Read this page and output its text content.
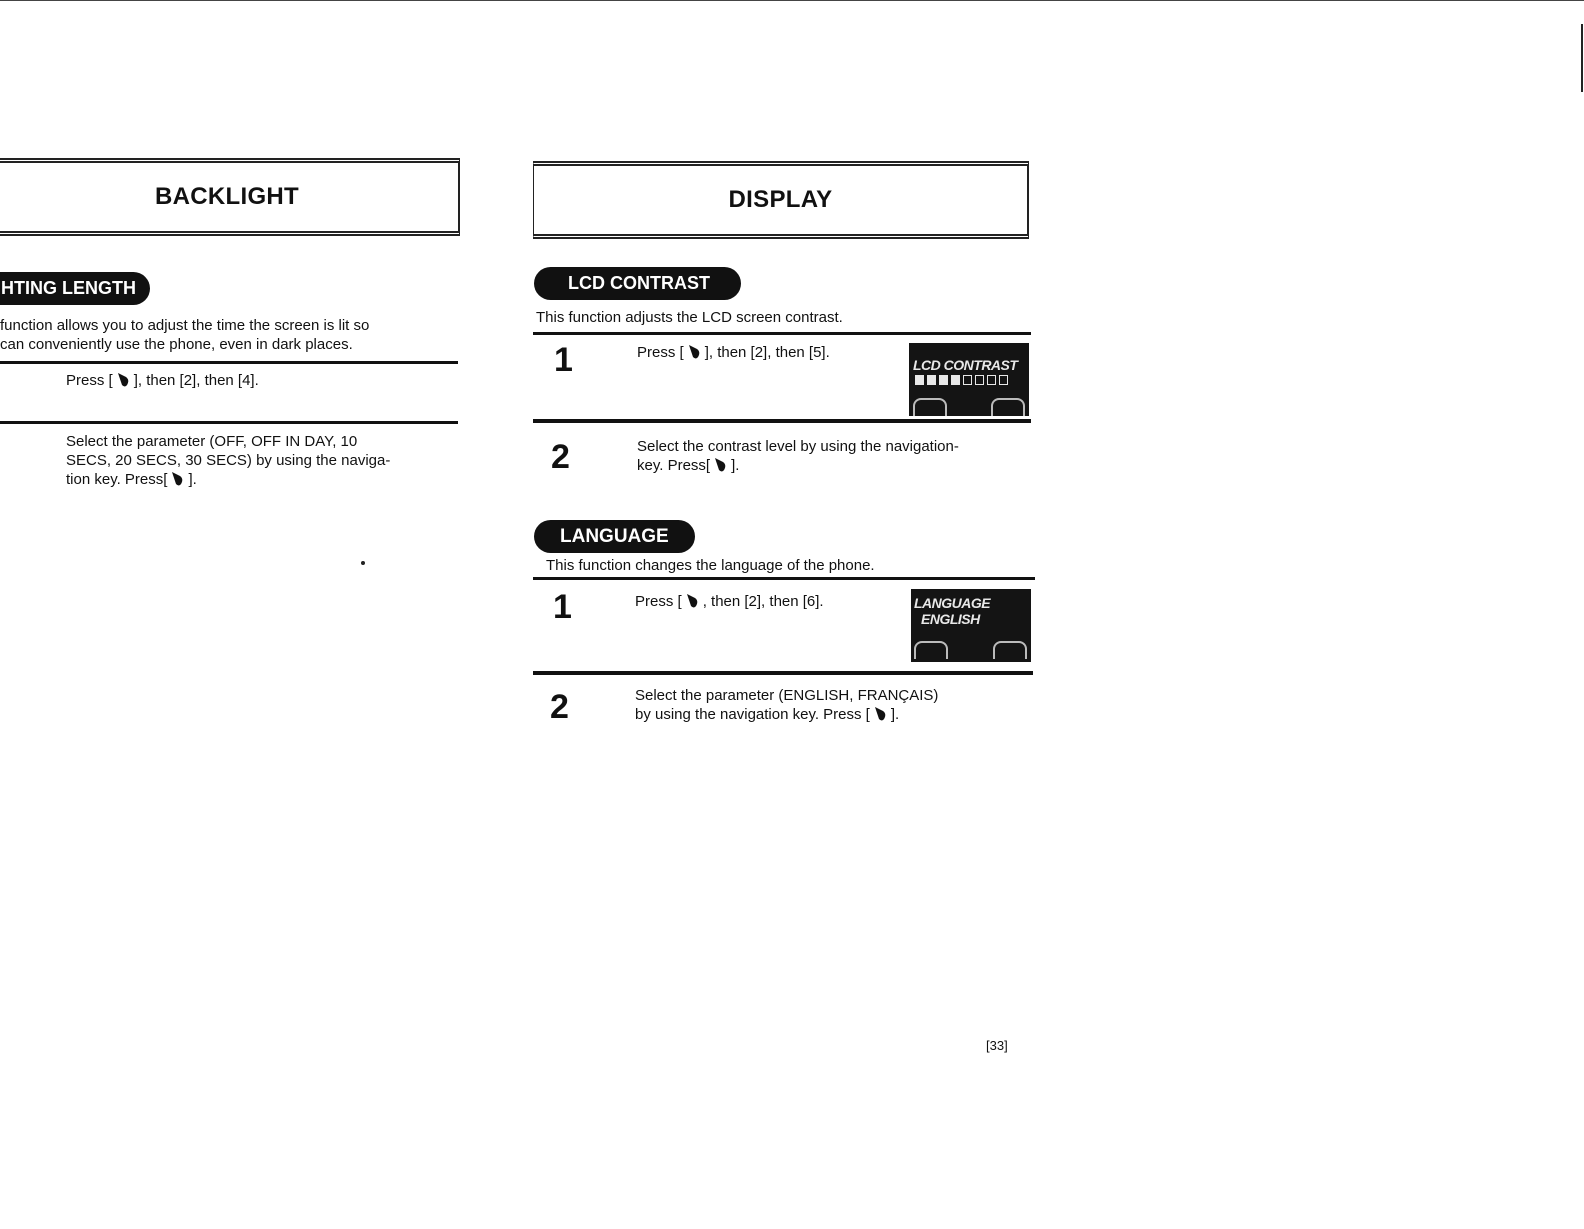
BACKLIGHT
HTING LENGTH
function allows you to adjust the time the screen is lit so
can conveniently use the phone, even in dark places.
Press [ ], then [2], then [4].
Select the parameter (OFF, OFF IN DAY, 10
SECS, 20 SECS, 30 SECS) by using the naviga-
tion key. Press[ ].
DISPLAY
LCD CONTRAST
This function adjusts the LCD screen contrast.
1	Press [ ], then [2], then [5].
LCD CONTRAST
2	Select the contrast level by using the navigation-
key. Press[ ].
LANGUAGE
This function changes the language of the phone.
1	Press [ , then [2], then [6].	LANGUAGE
ENGLISH
2	Select the parameter (ENGLISH, FRANÇAIS)
by using the navigation key. Press [ ].
[33]
